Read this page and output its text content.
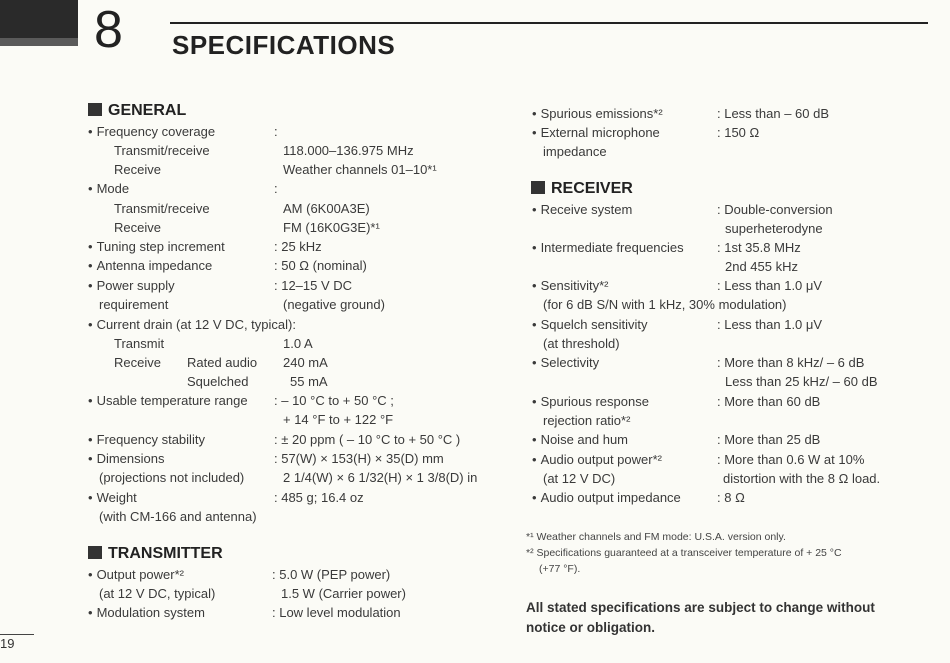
8 SPECIFICATIONS
GENERAL
• Frequency coverage	:
Transmit/receive	118.000–136.975 MHz
Receive	Weather channels 01–10*¹
• Mode	:
Transmit/receive	AM (6K00A3E)
Receive	FM (16K0G3E)*¹
• Tuning step increment	: 25 kHz
• Antenna impedance	: 50 Ω (nominal)
• Power supply	: 12–15 V DC
requirement	(negative ground)
• Current drain (at 12 V DC, typical):
Transmit	1.0 A
Receive Rated audio 240 mA
Squelched	55 mA
• Usable temperature range : – 10 °C to + 50 °C ;
+ 14 °F to + 122 °F
• Frequency stability	: ± 20 ppm ( – 10 °C to + 50 °C )
• Dimensions	: 57(W) × 153(H) × 35(D) mm
(projections not included)	2 1/4(W) × 6 1/32(H) × 1 3/8(D) in
• Weight	: 485 g; 16.4 oz
(with CM-166 and antenna)
TRANSMITTER
• Output power*²	: 5.0 W (PEP power)
(at 12 V DC, typical)	1.5 W (Carrier power)
• Modulation system	: Low level modulation
• Spurious emissions*²	: Less than – 60 dB
• External microphone	: 150 Ω
impedance
RECEIVER
• Receive system	: Double-conversion
superheterodyne
• Intermediate frequencies	: 1st 35.8 MHz
2nd 455 kHz
• Sensitivity*²	: Less than 1.0 μV
(for 6 dB S/N with 1 kHz, 30% modulation)
• Squelch sensitivity	: Less than 1.0 μV
(at threshold)
• Selectivity	: More than 8 kHz/ – 6 dB
Less than 25 kHz/ – 60 dB
• Spurious response	: More than 60 dB
rejection ratio*²
• Noise and hum	: More than 25 dB
• Audio output power*²	: More than 0.6 W at 10%
(at 12 V DC)	distortion with the 8 Ω load.
• Audio output impedance	: 8 Ω
*¹ Weather channels and FM mode: U.S.A. version only.
*² Specifications guaranteed at a transceiver temperature of + 25 °C
(+77 °F).
All stated specifications are subject to change without
notice or obligation.
19
